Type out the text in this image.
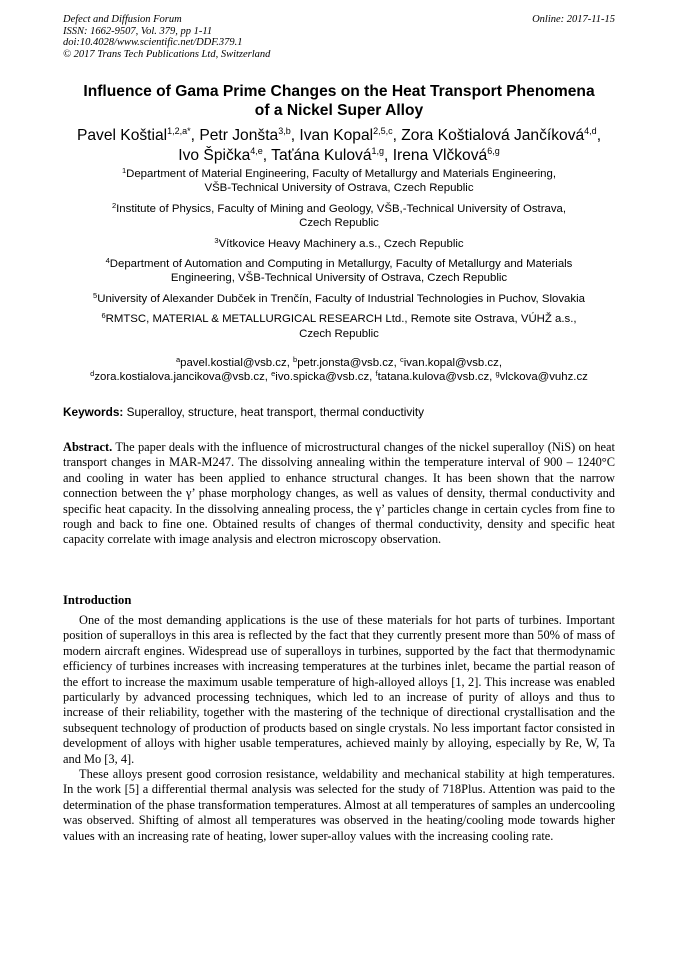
Defect and Diffusion Forum
ISSN: 1662-9507, Vol. 379, pp 1-11
doi:10.4028/www.scientific.net/DDF.379.1
© 2017 Trans Tech Publications Ltd, Switzerland
Online: 2017-11-15
Influence of Gama Prime Changes on the Heat Transport Phenomena
of a Nickel Super Alloy
Pavel Koštial$^{1,2,a*}$, Petr Jonšta$^{3,b}$, Ivan Kopal$^{2,5,c}$, Zora Koštialová Jančíková$^{4,d}$,
Ivo Špička$^{4,e}$, Taťána Kulová$^{1,g}$, Irena Vlčková$^{6,g}$
$^1$Department of Material Engineering, Faculty of Metallurgy and Materials Engineering,
VŠB-Technical University of Ostrava, Czech Republic
$^2$Institute of Physics, Faculty of Mining and Geology, VŠB,-Technical University of Ostrava,
Czech Republic
$^3$Vítkovice Heavy Machinery a.s., Czech Republic
$^4$Department of Automation and Computing in Metallurgy, Faculty of Metallurgy and Materials
Engineering, VŠB-Technical University of Ostrava, Czech Republic
$^5$University of Alexander Dubček in Trenčín, Faculty of Industrial Technologies in Puchov, Slovakia
$^6$RMTSC, MATERIAL & METALLURGICAL RESEARCH Ltd., Remote site Ostrava, VÚHŽ a.s.,
Czech Republic
$^a$pavel.kostial@vsb.cz, $^b$petr.jonsta@vsb.cz, $^c$ivan.kopal@vsb.cz,
$^d$zora.kostialova.jancikova@vsb.cz, $^e$ivo.spicka@vsb.cz, $^f$tatana.kulova@vsb.cz, $^g$vlckova@vuhz.cz
Keywords: Superalloy, structure, heat transport, thermal conductivity
Abstract. The paper deals with the influence of microstructural changes of the nickel superalloy (NiS) on heat transport changes in MAR-M247. The dissolving annealing within the temperature interval of 900 – 1240°C and cooling in water has been applied to enhance structural changes. It has been shown that the narrow connection between the γ’ phase morphology changes, as well as values of density, thermal conductivity and specific heat capacity. In the dissolving annealing process, the γ’ particles change in certain cycles from fine to rough and back to fine one. Obtained results of changes of thermal conductivity, density and specific heat capacity correlate with image analysis and electron microscopy observation.
Introduction

One of the most demanding applications is the use of these materials for hot parts of turbines. Important position of superalloys in this area is reflected by the fact that they currently present more than 50% of mass of modern aircraft engines. Widespread use of superalloys in turbines, supported by the fact that thermodynamic efficiency of turbines increases with increasing temperatures at the turbines inlet, became the partial reason of the effort to increase the maximum usable temperature of high-alloyed alloys [1, 2]. This increase was enabled particularly by advanced processing techniques, which led to an increase of purity of alloys and thus to increase of their reliability, together with the mastering of the technique of directional crystallisation and the subsequent technology of production of products based on single crystals. No less important factor consisted in development of alloys with higher usable temperatures, achieved mainly by alloying, especially by Re, W, Ta and Mo [3, 4].

These alloys present good corrosion resistance, weldability and mechanical stability at high temperatures. In the work [5] a differential thermal analysis was selected for the study of 718Plus. Attention was paid to the determination of the phase transformation temperatures. Almost at all temperatures of samples an undercooling was observed. Shifting of almost all temperatures was observed in the heating/cooling mode towards higher values with an increasing rate of heating, lower super-alloy values with the increasing cooling rate.
